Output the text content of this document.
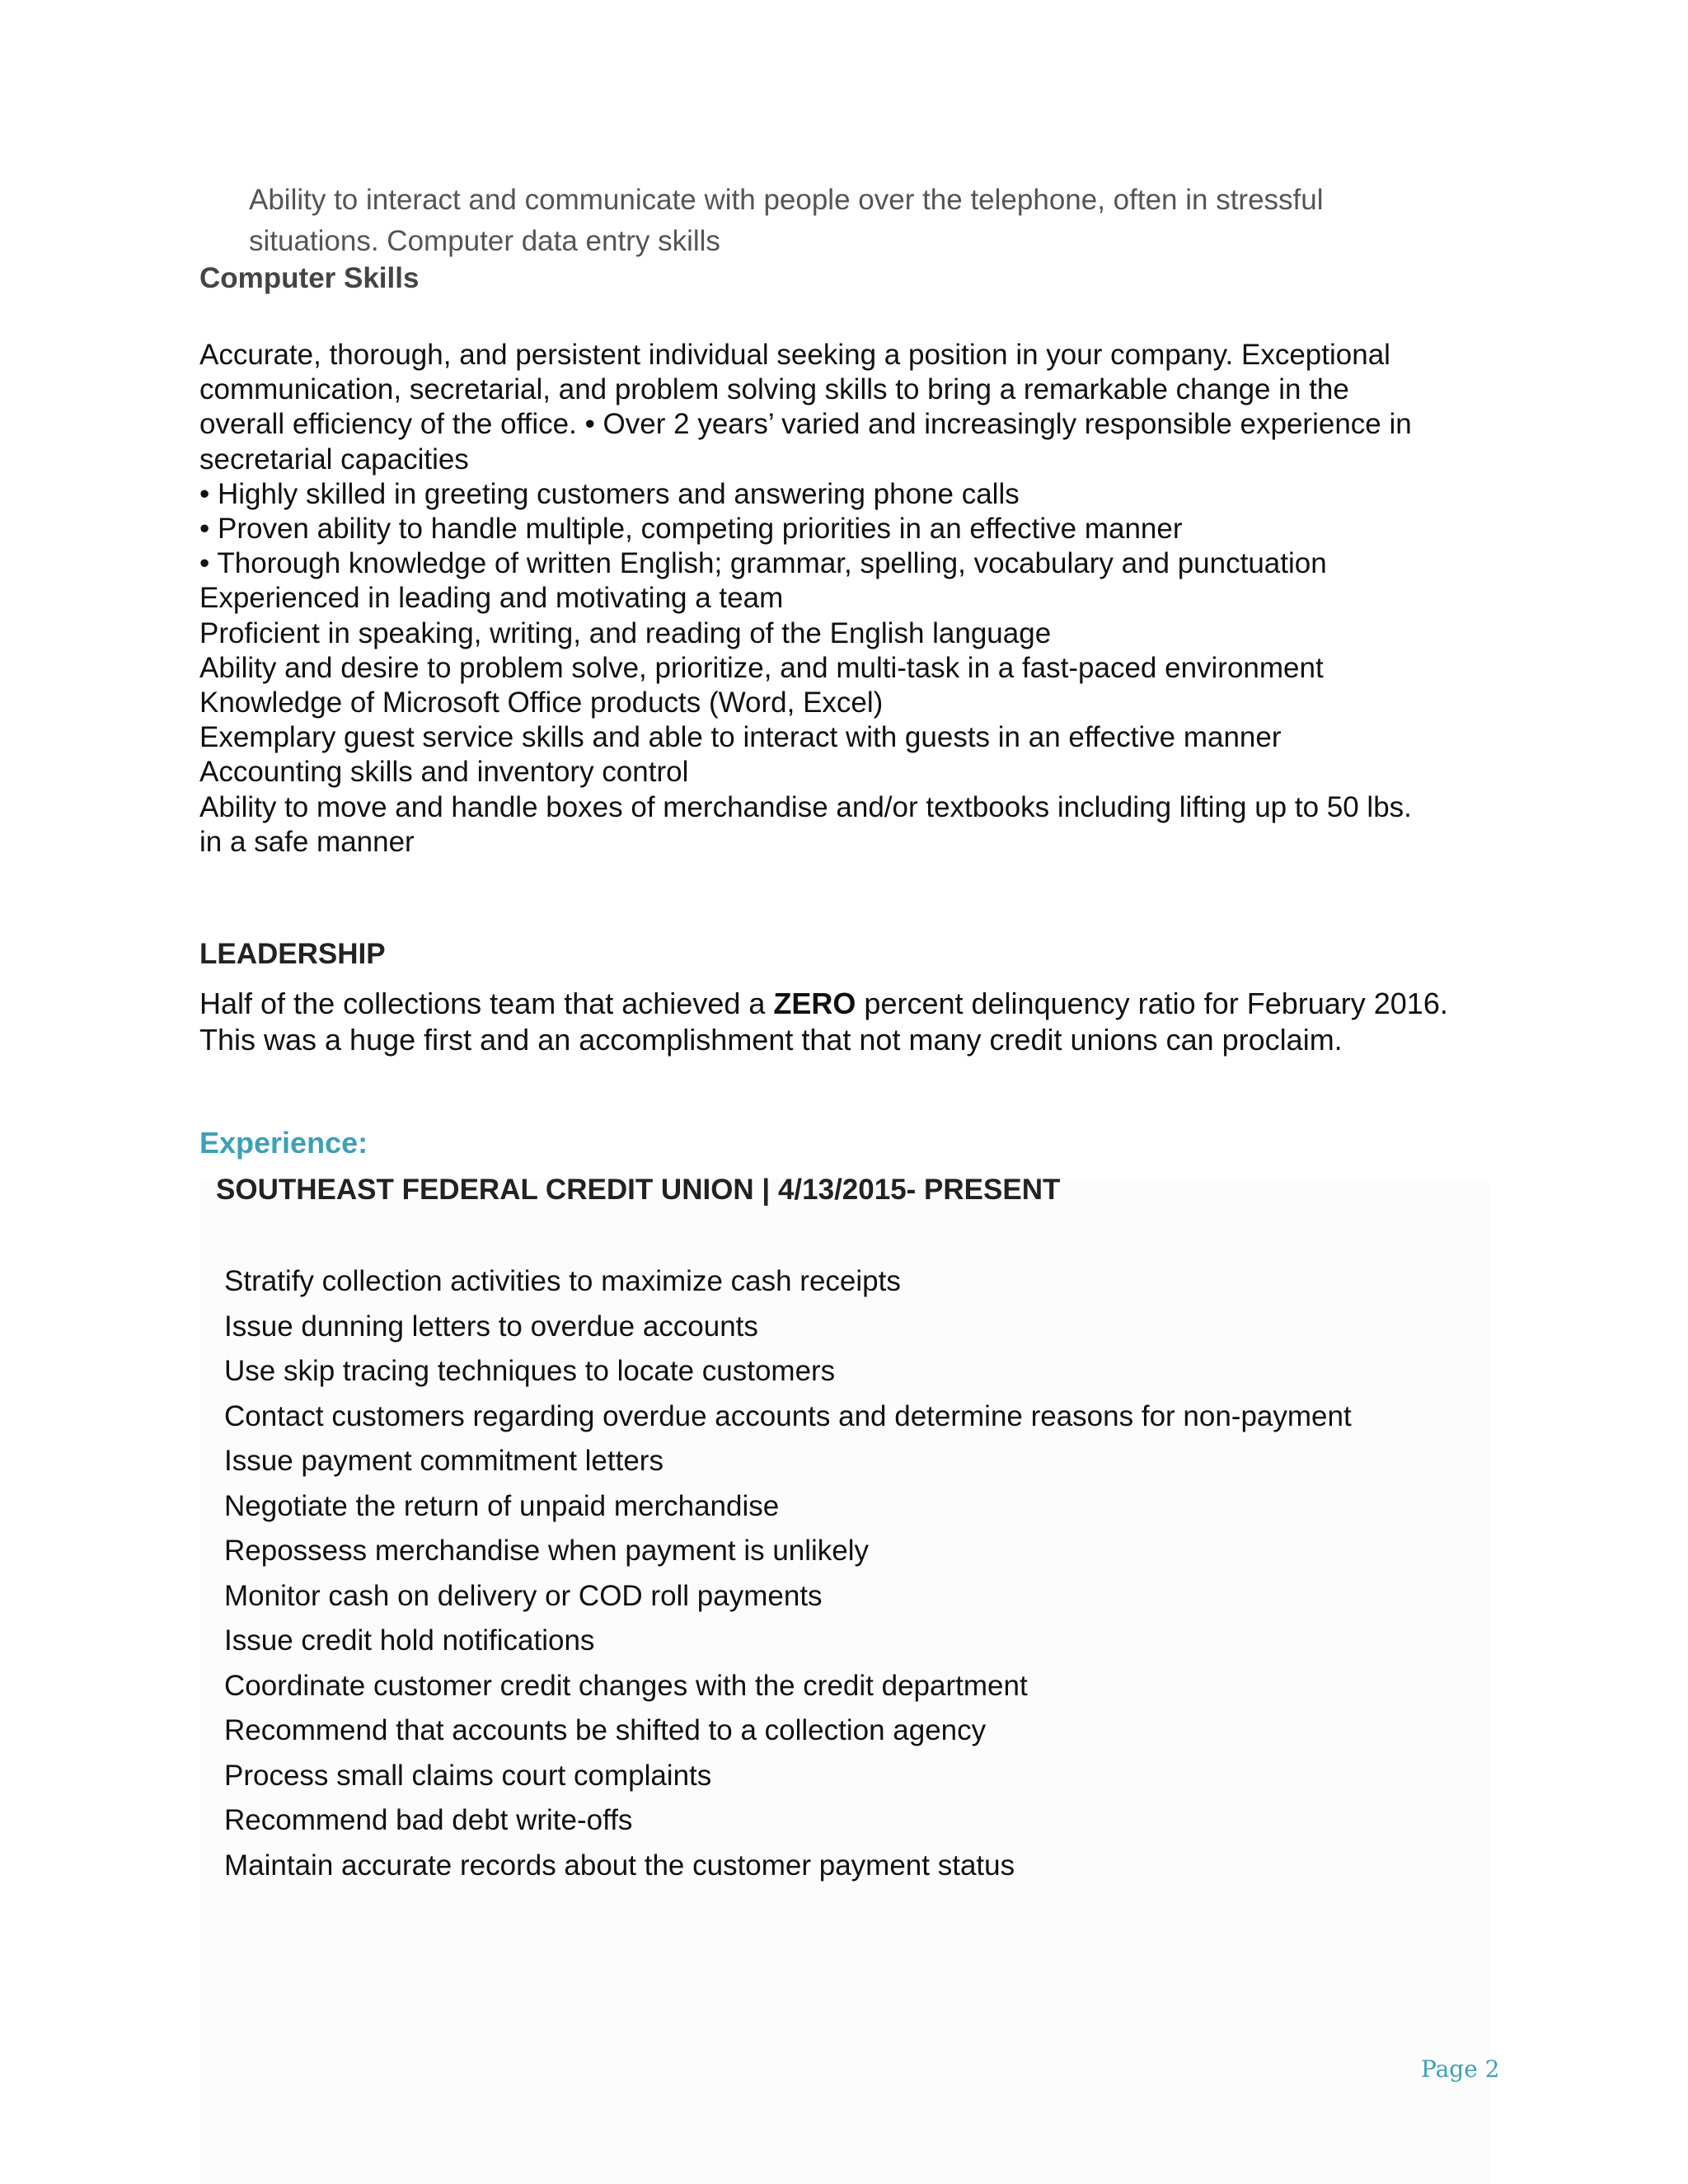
Ability to interact and communicate with people over the telephone, often in stressful
situations. Computer data entry skills
Computer Skills
Accurate, thorough, and persistent individual seeking a position in your company. Exceptional
communication, secretarial, and problem solving skills to bring a remarkable change in the
overall efficiency of the office. • Over 2 years’ varied and increasingly responsible experience in
secretarial capacities
• Highly skilled in greeting customers and answering phone calls
• Proven ability to handle multiple, competing priorities in an effective manner
• Thorough knowledge of written English; grammar, spelling, vocabulary and punctuation
Experienced in leading and motivating a team
Proficient in speaking, writing, and reading of the English language
Ability and desire to problem solve, prioritize, and multi-task in a fast-paced environment
Knowledge of Microsoft Office products (Word, Excel)
Exemplary guest service skills and able to interact with guests in an effective manner
Accounting skills and inventory control
Ability to move and handle boxes of merchandise and/or textbooks including lifting up to 50 lbs.
in a safe manner
LEADERSHIP
Half of the collections team that achieved a ZERO percent delinquency ratio for February 2016.
This was a huge first and an accomplishment that not many credit unions can proclaim.
Experience:
SOUTHEAST FEDERAL CREDIT UNION | 4/13/2015- PRESENT
Stratify collection activities to maximize cash receipts
Issue dunning letters to overdue accounts
Use skip tracing techniques to locate customers
Contact customers regarding overdue accounts and determine reasons for non-payment
Issue payment commitment letters
Negotiate the return of unpaid merchandise
Repossess merchandise when payment is unlikely
Monitor cash on delivery or COD roll payments
Issue credit hold notifications
Coordinate customer credit changes with the credit department
Recommend that accounts be shifted to a collection agency
Process small claims court complaints
Recommend bad debt write-offs
Maintain accurate records about the customer payment status
Page 2
